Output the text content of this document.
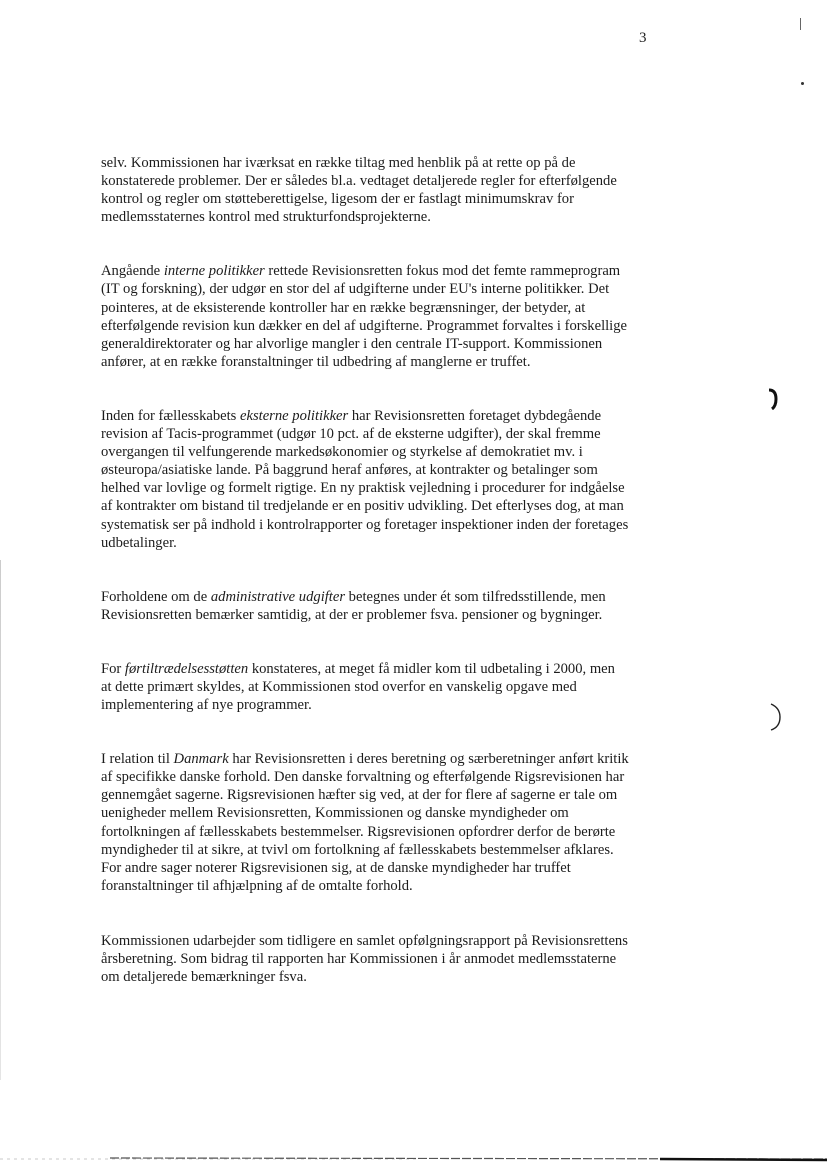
3

selv. Kommissionen har iværksat en række tiltag med henblik på at rette op på de konstaterede problemer. Der er således bl.a. vedtaget detaljerede regler for efterfølgende kontrol og regler om støtteberettigelse, ligesom der er fastlagt minimumskrav for medlemsstaternes kontrol med strukturfondsprojekterne.

Angående interne politikker rettede Revisionsretten fokus mod det femte rammeprogram (IT og forskning), der udgør en stor del af udgifterne under EU's interne politikker. Det pointeres, at de eksisterende kontroller har en række begrænsninger, der betyder, at efterfølgende revision kun dækker en del af udgifterne. Programmet forvaltes i forskellige generaldirektorater og har alvorlige mangler i den centrale IT-support. Kommissionen anfører, at en række foranstaltninger til udbedring af manglerne er truffet.

Inden for fællesskabets eksterne politikker har Revisionsretten foretaget dybdegående revision af Tacis-programmet (udgør 10 pct. af de eksterne udgifter), der skal fremme overgangen til velfungerende markedsøkonomier og styrkelse af demokratiet mv. i østeuropa/asiatiske lande. På baggrund heraf anføres, at kontrakter og betalinger som helhed var lovlige og formelt rigtige. En ny praktisk vejledning i procedurer for indgåelse af kontrakter om bistand til tredjelande er en positiv udvikling. Det efterlyses dog, at man systematisk ser på indhold i kontrolrapporter og foretager inspektioner inden der foretages udbetalinger.

Forholdene om de administrative udgifter betegnes under ét som tilfredsstillende, men Revisionsretten bemærker samtidig, at der er problemer fsva. pensioner og bygninger.

For førtiltrædelsesstøtten konstateres, at meget få midler kom til udbetaling i 2000, men at dette primært skyldes, at Kommissionen stod overfor en vanskelig opgave med implementering af nye programmer.

I relation til Danmark har Revisionsretten i deres beretning og særberetninger anført kritik af specifikke danske forhold. Den danske forvaltning og efterfølgende Rigsrevisionen har gennemgået sagerne. Rigsrevisionen hæfter sig ved, at der for flere af sagerne er tale om uenigheder mellem Revisionsretten, Kommissionen og danske myndigheder om fortolkningen af fællesskabets bestemmelser. Rigsrevisionen opfordrer derfor de berørte myndigheder til at sikre, at tvivl om fortolkning af fællesskabets bestemmelser afklares. For andre sager noterer Rigsrevisionen sig, at de danske myndigheder har truffet foranstaltninger til afhjælpning af de omtalte forhold.

Kommissionen udarbejder som tidligere en samlet opfølgningsrapport på Revisionsrettens årsberetning. Som bidrag til rapporten har Kommissionen i år anmodet medlemsstaterne om detaljerede bemærkninger fsva.
